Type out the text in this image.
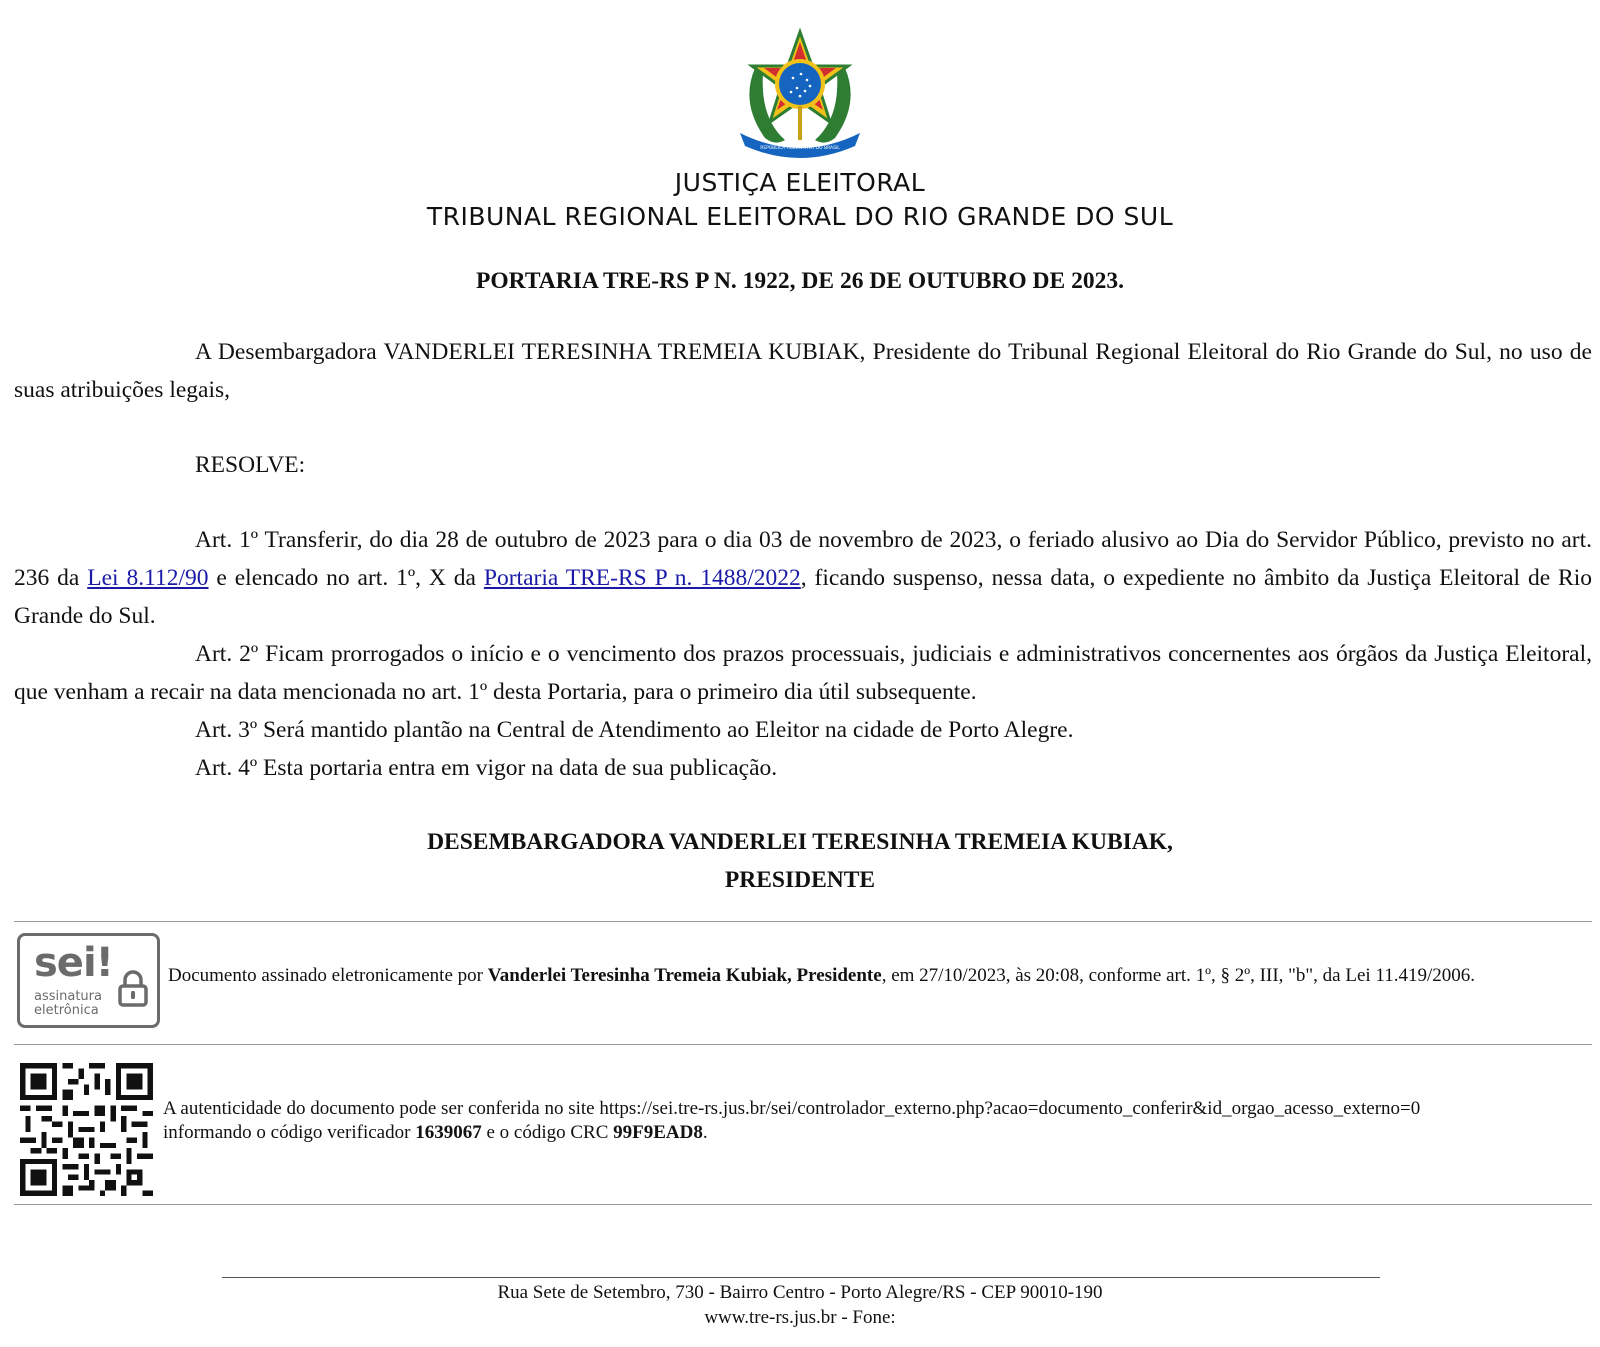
REPÚBLICA FEDERATIVA DO BRASIL
JUSTIÇA ELEITORAL
TRIBUNAL REGIONAL ELEITORAL DO RIO GRANDE DO SUL
PORTARIA TRE-RS P N. 1922, DE 26 DE OUTUBRO DE 2023.

A Desembargadora VANDERLEI TERESINHA TREMEIA KUBIAK, Presidente do Tribunal Regional Eleitoral do Rio Grande do Sul, no uso de suas atribuições legais,

RESOLVE:

Art. 1º Transferir, do dia 28 de outubro de 2023 para o dia 03 de novembro de 2023, o feriado alusivo ao Dia do Servidor Público, previsto no art. 236 da Lei 8.112/90 e elencado no art. 1º, X da Portaria TRE-RS P n. 1488/2022, ficando suspenso, nessa data, o expediente no âmbito da Justiça Eleitoral de Rio Grande do Sul.

Art. 2º Ficam prorrogados o início e o vencimento dos prazos processuais, judiciais e administrativos concernentes aos órgãos da Justiça Eleitoral, que venham a recair na data mencionada no art. 1º desta Portaria, para o primeiro dia útil subsequente.

Art. 3º Será mantido plantão na Central de Atendimento ao Eleitor na cidade de Porto Alegre.

Art. 4º Esta portaria entra em vigor na data de sua publicação.

DESEMBARGADORA VANDERLEI TERESINHA TREMEIA KUBIAK,
PRESIDENTE
sei!
assinatura
eletrônica
Documento assinado eletronicamente por Vanderlei Teresinha Tremeia Kubiak, Presidente, em 27/10/2023, às 20:08, conforme art. 1º, § 2º, III, "b", da Lei 11.419/2006.
A autenticidade do documento pode ser conferida no site https://sei.tre-rs.jus.br/sei/controlador_externo.php?acao=documento_conferir&id_orgao_acesso_externo=0
informando o código verificador 1639067 e o código CRC 99F9EAD8.
Rua Sete de Setembro, 730 - Bairro Centro - Porto Alegre/RS - CEP 90010-190
www.tre-rs.jus.br - Fone:
